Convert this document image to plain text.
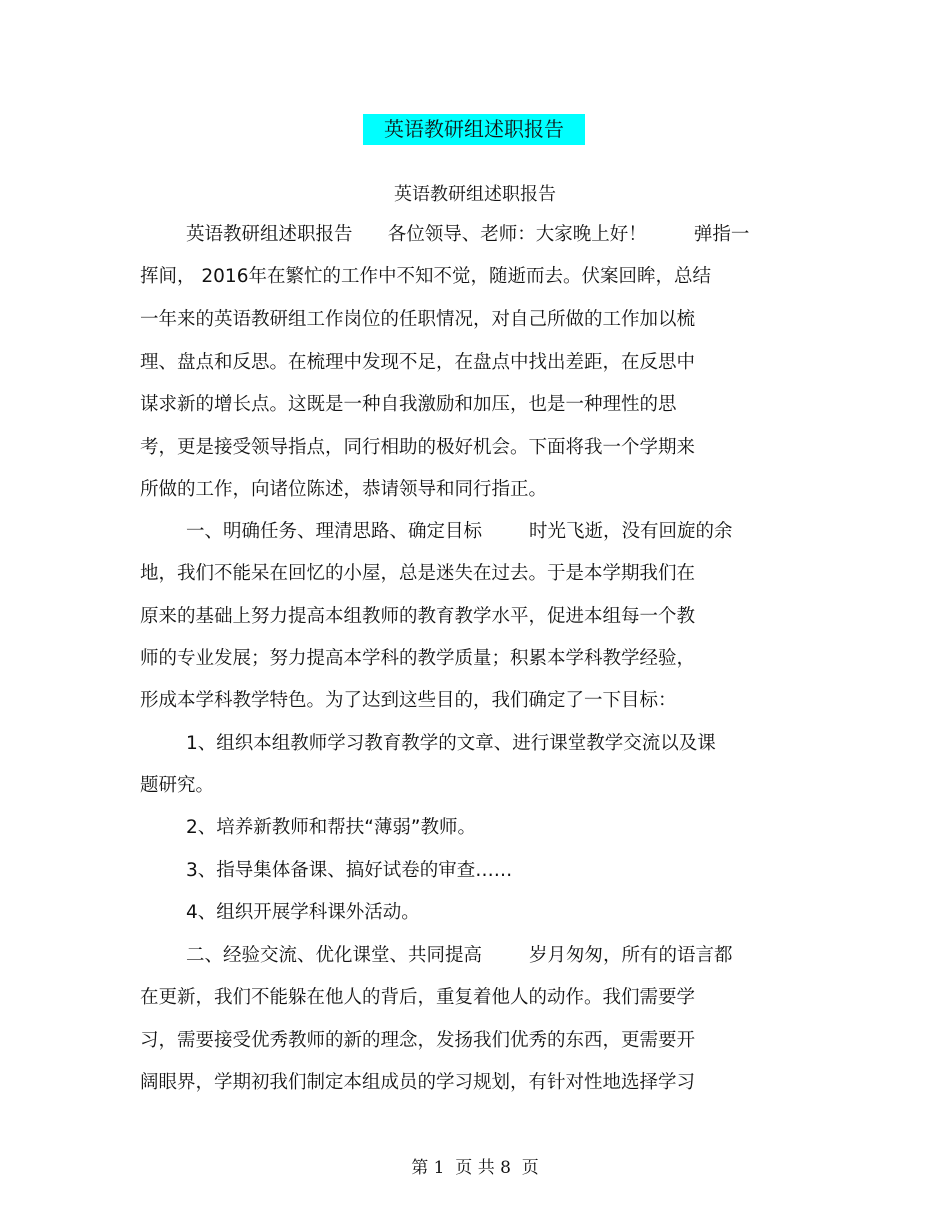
英语教研组述职报告
英语教研组述职报告
英语教研组述职报告      各位领导、老师：大家晚上好！        弹指一
挥间， 2016年在繁忙的工作中不知不觉，随逝而去。伏案回眸，总结
一年来的英语教研组工作岗位的任职情况，对自己所做的工作加以梳
理、盘点和反思。在梳理中发现不足，在盘点中找出差距，在反思中
谋求新的增长点。这既是一种自我激励和加压，也是一种理性的思
考，更是接受领导指点，同行相助的极好机会。下面将我一个学期来
所做的工作，向诸位陈述，恭请领导和同行指正。
一、明确任务、理清思路、确定目标        时光飞逝，没有回旋的余
地，我们不能呆在回忆的小屋，总是迷失在过去。于是本学期我们在
原来的基础上努力提高本组教师的教育教学水平，促进本组每一个教
师的专业发展；努力提高本学科的教学质量；积累本学科教学经验，
形成本学科教学特色。为了达到这些目的，我们确定了一下目标：
1、组织本组教师学习教育教学的文章、进行课堂教学交流以及课
题研究。
2、培养新教师和帮扶“薄弱”教师。
3、指导集体备课、搞好试卷的审查……
4、组织开展学科课外活动。
二、经验交流、优化课堂、共同提高        岁月匆匆，所有的语言都
在更新，我们不能躲在他人的背后，重复着他人的动作。我们需要学
习，需要接受优秀教师的新的理念，发扬我们优秀的东西，更需要开
阔眼界，学期初我们制定本组成员的学习规划，有针对性地选择学习
第 1  页 共 8  页
